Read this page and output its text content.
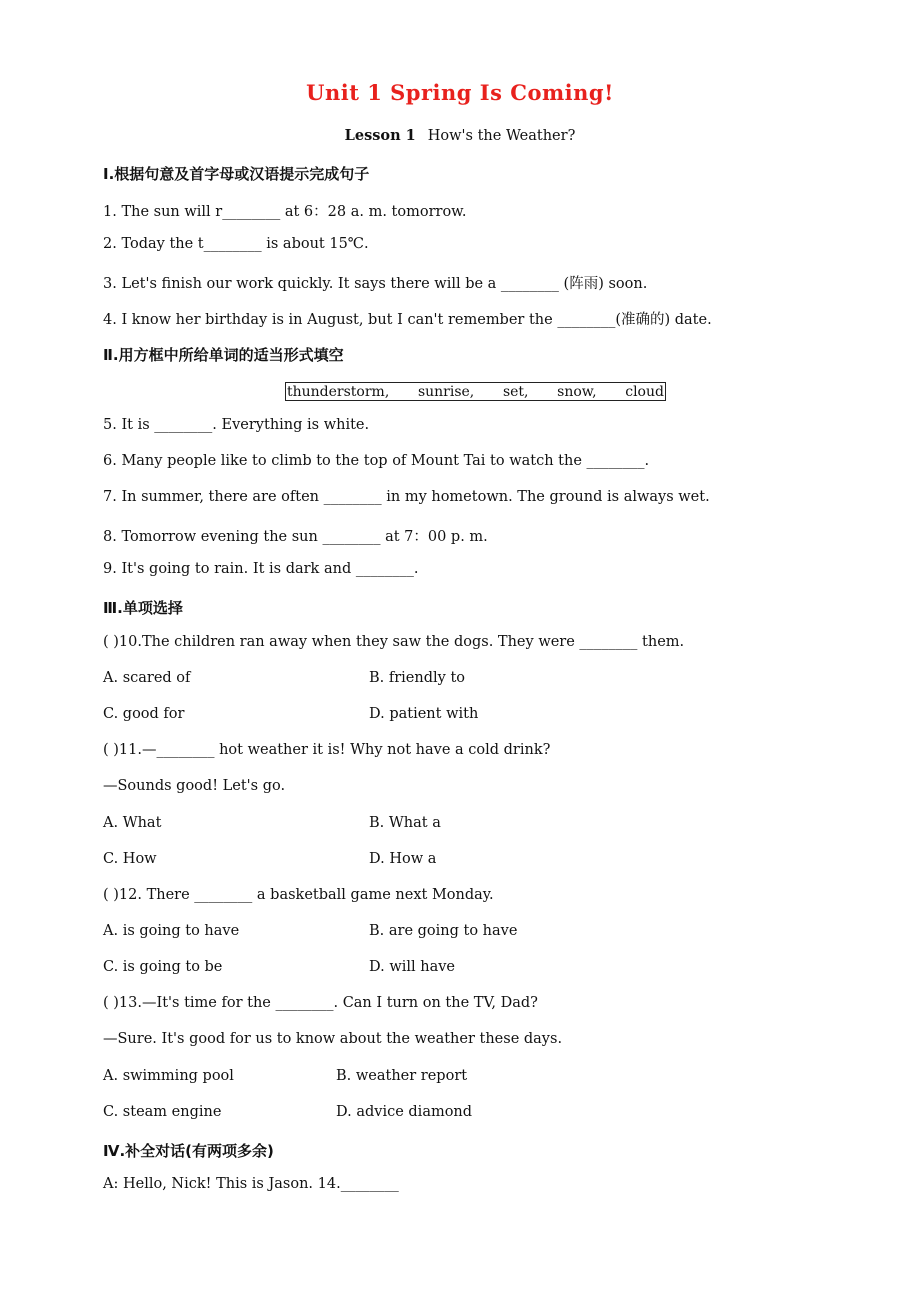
Unit 1 Spring Is Coming!
Lesson 1 How's the Weather?
Ⅰ.根据句意及首字母或汉语提示完成句子
1. The sun will r________ at 6：28 a. m. tomorrow.
2. Today the t________ is about 15℃.
3. Let's finish our work quickly. It says there will be a ________ (阵雨) soon.
4. I know her birthday is in August, but I can't remember the ________(准确的) date.
Ⅱ.用方框中所给单词的适当形式填空
thunderstorm, sunrise, set, snow, cloud
5. It is ________. Everything is white.
6. Many people like to climb to the top of Mount Tai to watch the ________.
7. In summer, there are often ________ in my hometown. The ground is always wet.
8. Tomorrow evening the sun ________ at 7：00 p. m.
9. It's going to rain. It is dark and ________.
Ⅲ.单项选择
( )10.The children ran away when they saw the dogs. They were ________ them.
A. scared of	B. friendly to
C. good for	D. patient with
( )11.—________ hot weather it is! Why not have a cold drink?
—Sounds good! Let's go.
A. What	B. What a
C. How	D. How a
( )12. There ________ a basketball game next Monday.
A. is going to have	B. are going to have
C. is going to be	D. will have
( )13.—It's time for the ________. Can I turn on the TV, Dad?
—Sure. It's good for us to know about the weather these days.
A. swimming pool	B. weather report
C. steam engine	D. advice diamond
Ⅳ.补全对话(有两项多余)
A: Hello, Nick! This is Jason. 14.________
